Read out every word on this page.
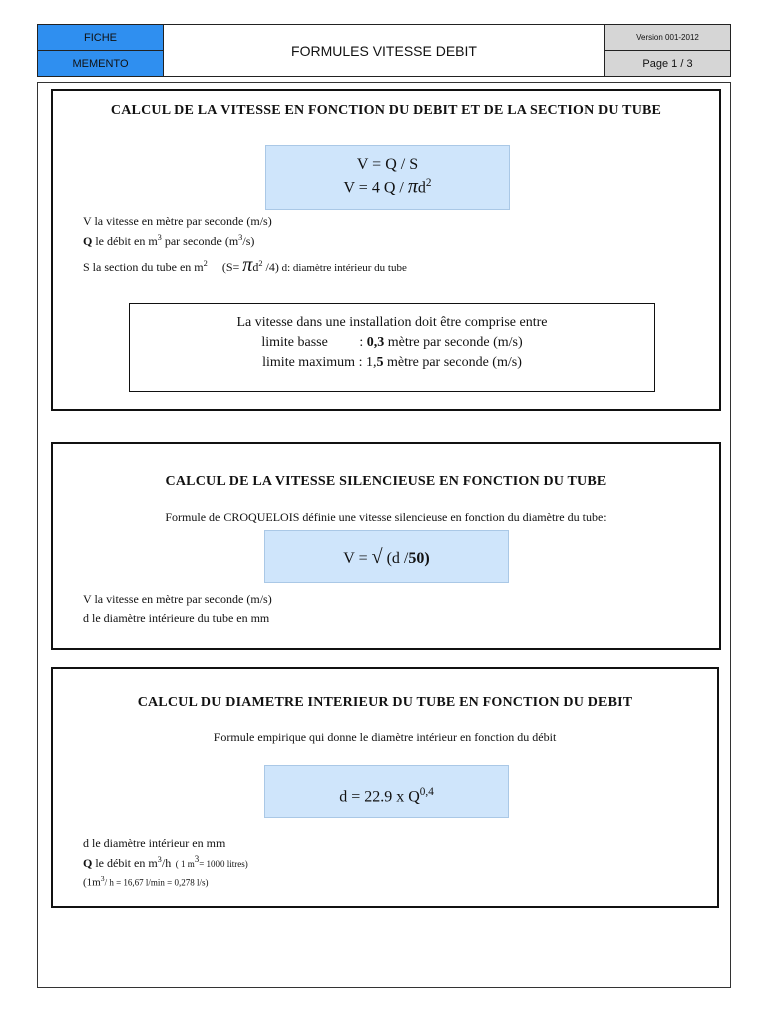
FICHE
MEMENTO
FORMULES VITESSE DEBIT
Version 001-2012
Page 1 / 3
CALCUL DE LA VITESSE EN FONCTION DU DEBIT ET DE LA SECTION DU TUBE
V = Q / S
V = 4 Q / $\pi d^2$
V la vitesse en mètre par seconde (m/s)
Q le débit en $m^3$ par seconde $(m^3/s)$
S la section du tube en $m^2$ ($S= \pi d^2$ /4) d: diamètre intérieur du tube
La vitesse dans une installation doit être comprise entre
limite basse         : 0,3 mètre par seconde (m/s)
limite maximum : 1,5 mètre par seconde (m/s)
CALCUL DE LA VITESSE SILENCIEUSE EN FONCTION DU TUBE
Formule de CROQUELOIS définie une vitesse silencieuse en fonction du diamètre du tube:
V = √ (d /50)
V la vitesse en mètre par seconde (m/s)
d le diamètre intérieure du tube en mm
CALCUL DU DIAMETRE INTERIEUR DU TUBE EN FONCTION DU DEBIT
Formule empirique qui donne le diamètre intérieur en fonction du débit
d = 22.9 x Q$^{0,4}$
d le diamètre intérieur en mm
Q le débit en $m^3/h$  ( 1 $m^3= 1000$ litres)
($1m^3/$ h = 16,67 l/min = 0,278 l/s)
